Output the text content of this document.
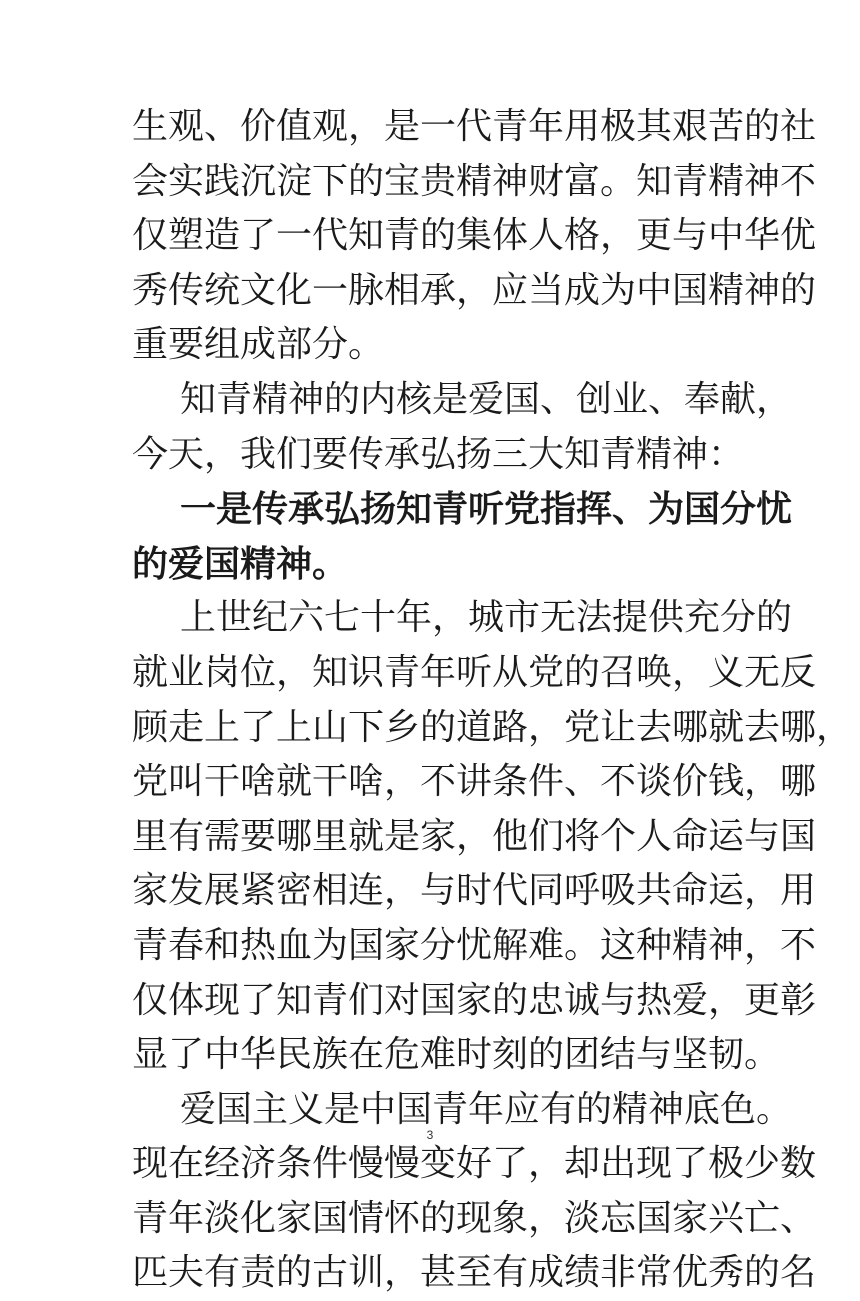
生观、价值观，是一代青年用极其艰苦的社
会实践沉淀下的宝贵精神财富。知青精神不
仅塑造了一代知青的集体人格，更与中华优
秀传统文化一脉相承，应当成为中国精神的
重要组成部分。
知青精神的内核是爱国、创业、奉献，
今天，我们要传承弘扬三大知青精神：
一是传承弘扬知青听党指挥、为国分忧
的爱国精神。
上世纪六七十年，城市无法提供充分的
就业岗位，知识青年听从党的召唤，义无反
顾走上了上山下乡的道路，党让去哪就去哪，
党叫干啥就干啥，不讲条件、不谈价钱，哪
里有需要哪里就是家，他们将个人命运与国
家发展紧密相连，与时代同呼吸共命运，用
青春和热血为国家分忧解难。这种精神，不
仅体现了知青们对国家的忠诚与热爱，更彰
显了中华民族在危难时刻的团结与坚韧。
爱国主义是中国青年应有的精神底色。
现在经济条件慢慢变好了，却出现了极少数
青年淡化家国情怀的现象，淡忘国家兴亡、
匹夫有责的古训，甚至有成绩非常优秀的名
3
